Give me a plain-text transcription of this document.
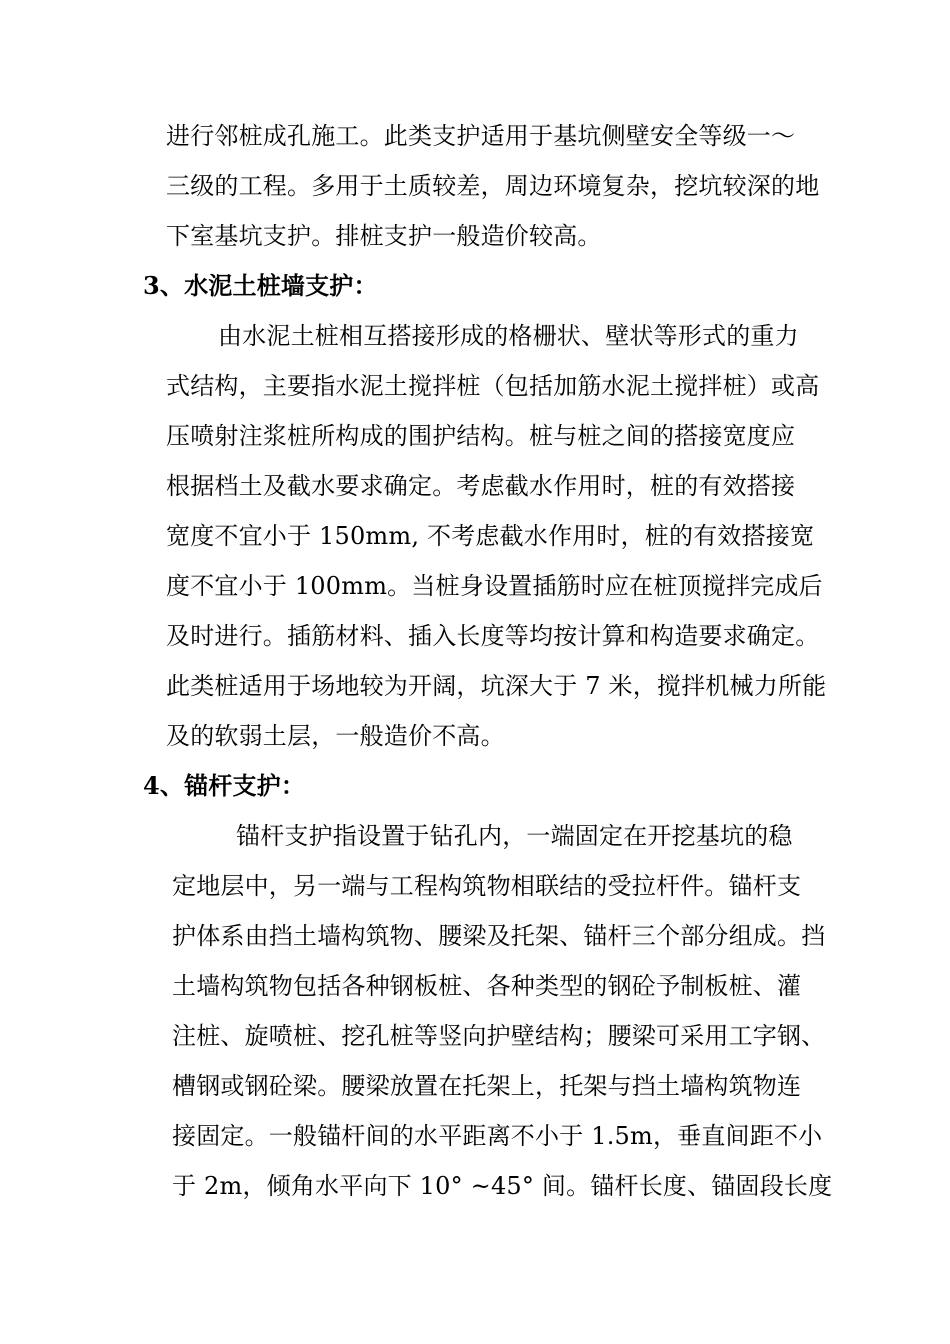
进行邻桩成孔施工。此类支护适用于基坑侧壁安全等级一～
三级的工程。多用于土质较差，周边环境复杂，挖坑较深的地
下室基坑支护。排桩支护一般造价较高。
3、水泥土桩墙支护：
由水泥土桩相互搭接形成的格栅状、壁状等形式的重力
式结构，主要指水泥土搅拌桩（包括加筋水泥土搅拌桩）或高
压喷射注浆桩所构成的围护结构。桩与桩之间的搭接宽度应
根据档土及截水要求确定。考虑截水作用时，桩的有效搭接
宽度不宜小于 150mm, 不考虑截水作用时，桩的有效搭接宽
度不宜小于 100mm。当桩身设置插筋时应在桩顶搅拌完成后
及时进行。插筋材料、插入长度等均按计算和构造要求确定。
此类桩适用于场地较为开阔，坑深大于 7 米，搅拌机械力所能
及的软弱土层，一般造价不高。
4、锚杆支护：
锚杆支护指设置于钻孔内，一端固定在开挖基坑的稳
定地层中，另一端与工程构筑物相联结的受拉杆件。锚杆支
护体系由挡土墙构筑物、腰梁及托架、锚杆三个部分组成。挡
土墙构筑物包括各种钢板桩、各种类型的钢砼予制板桩、灌
注桩、旋喷桩、挖孔桩等竖向护壁结构；腰梁可采用工字钢、
槽钢或钢砼梁。腰梁放置在托架上，托架与挡土墙构筑物连
接固定。一般锚杆间的水平距离不小于 1.5m，垂直间距不小
于 2m，倾角水平向下 10° ~45° 间。锚杆长度、锚固段长度
